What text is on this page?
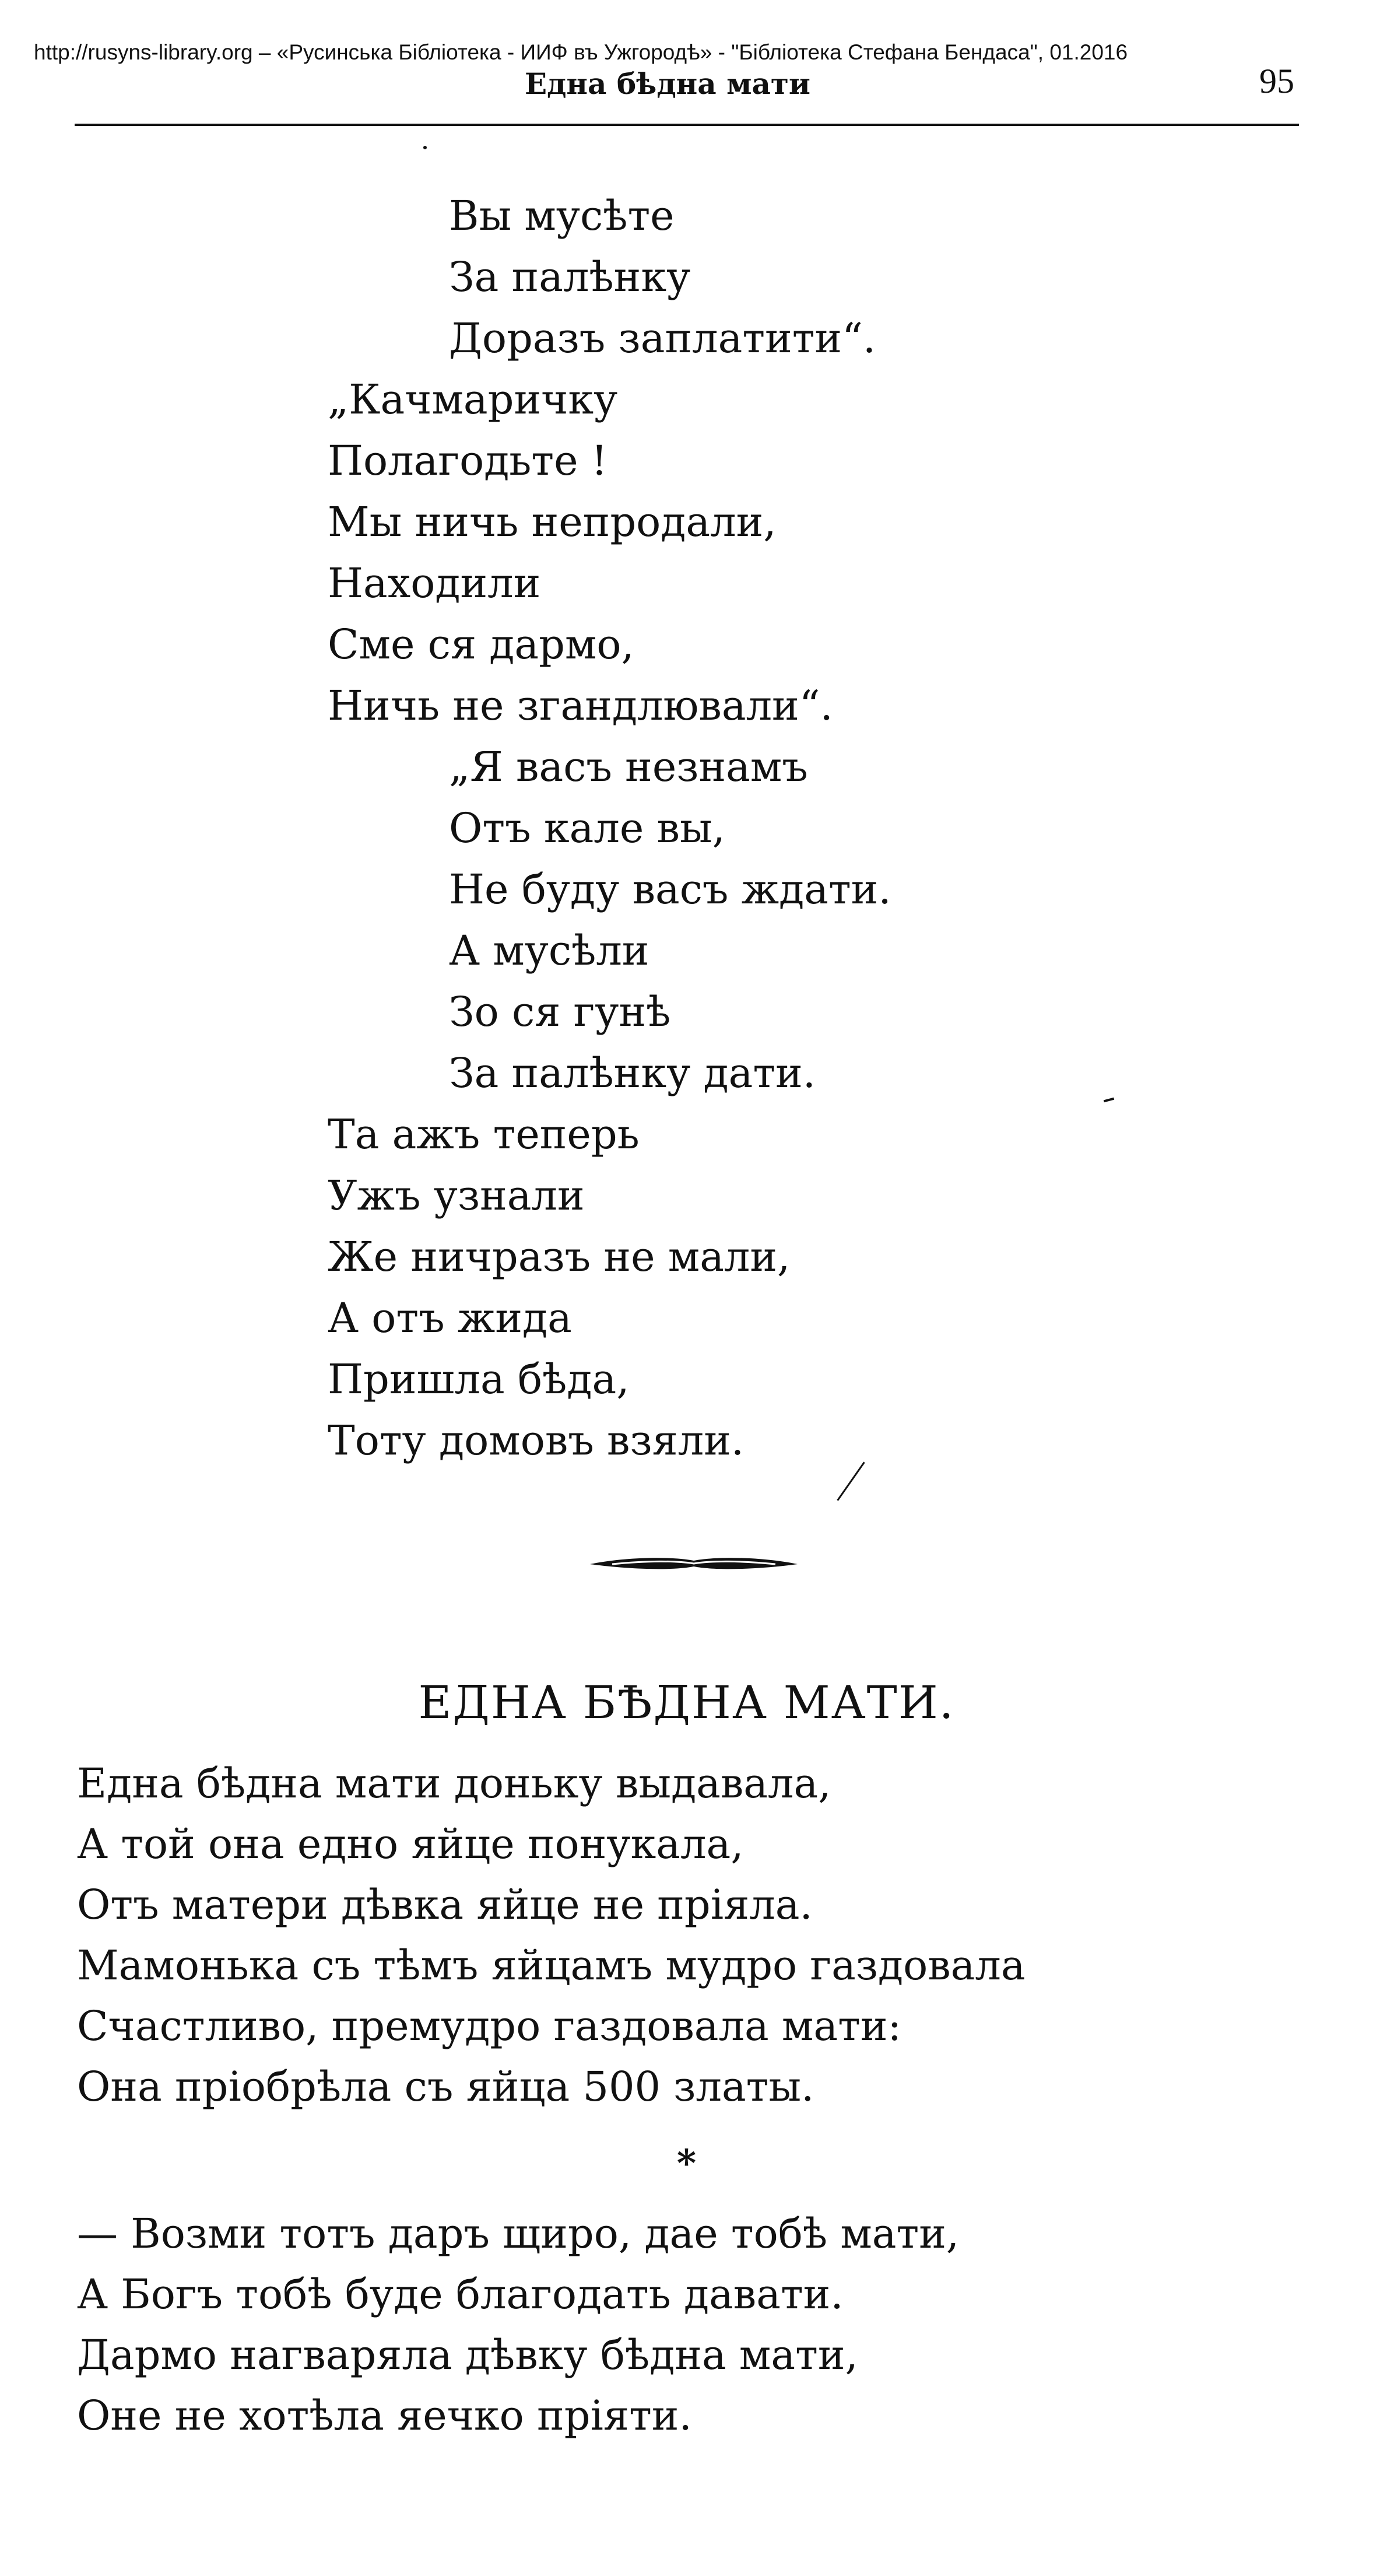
http://rusyns-library.org – «Русинська Бібліотека - ИИФ въ Ужгородѣ» - "Бібліотека Стефана Бендаса", 01.2016
Една бѣдна мати	95
Вы мусѣте
За палѣнку
Доразъ заплатити“.
„Качмаричку
Полагодьте !
Мы ничь непродали,
Находили
Сме ся дармо,
Ничь не згандлювали“.
„Я васъ незнамъ
Отъ кале вы,
Не буду васъ ждати.
А мусѣли
Зо ся гунѣ
За палѣнку дати.
Та ажъ теперь
Ужъ узнали
Же ничразъ не мали,
А отъ жида
Пришла бѣда,
Тоту домовъ взяли.
ЕДНА БѢДНА МАТИ.
Една бѣдна мати доньку выдавала,
А той она едно яйце понукала,
Отъ матери дѣвка яйце не пріяла.
Мамонька съ тѣмъ яйцамъ мудро газдовала
Счастливо, премудро газдовала мати:
Она пріобрѣла съ яйца 500 златы.
*
— Возми тотъ даръ щиро, дае тобѣ мати,
А Богъ тобѣ буде благодать давати.
Дармо нагваряла дѣвку бѣдна мати,
Оне не хотѣла яечко пріяти.
